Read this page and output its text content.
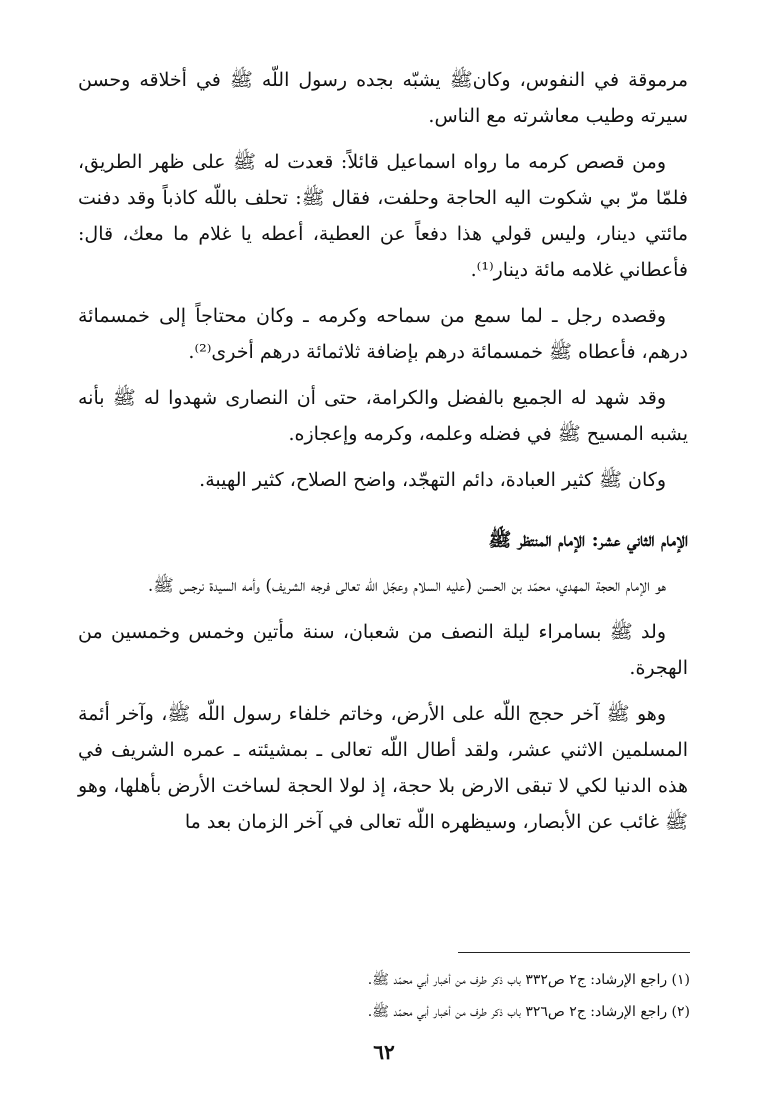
مرموقة في النفوس، وكانﷺ يشبّه بجده رسول اللّه ﷺ في أخلاقه وحسن سيرته وطيب معاشرته مع الناس.

ومن قصص كرمه ما رواه اسماعيل قائلاً: قعدت له ﷺ على ظهر الطريق، فلمّا مرّ بي شكوت اليه الحاجة وحلفت، فقال ﷺ: تحلف باللّه كاذباً وقد دفنت مائتي دينار، وليس قولي هذا دفعاً عن العطية، أعطه يا غلام ما معك، قال: فأعطاني غلامه مائة دينار⁽¹⁾.

وقصده رجل ـ لما سمع من سماحه وكرمه ـ وكان محتاجاً إلى خمسمائة درهم، فأعطاه ﷺ خمسمائة درهم بإضافة ثلاثمائة درهم أخرى⁽²⁾.

وقد شهد له الجميع بالفضل والكرامة، حتى أن النصارى شهدوا له ﷺ بأنه يشبه المسيح ﷺ في فضله وعلمه، وكرمه وإعجازه.

وكان ﷺ كثير العبادة، دائم التهجّد، واضح الصلاح، كثير الهيبة.

الإمام الثاني عشر: الإمام المنتظر ﷺ

هو الإمام الحجة المهدي، محمّد بن الحسن (عليه السلام وعجّل اللّه تعالى فرجه الشريف) وأمه السيدة نرجس ﷺ.

ولد ﷺ بسامراء ليلة النصف من شعبان، سنة مأتين وخمس وخمسين من الهجرة.

وهو ﷺ آخر حجج اللّه على الأرض، وخاتم خلفاء رسول اللّه ﷺ، وآخر أئمة المسلمين الاثني عشر، ولقد أطال اللّه تعالى ـ بمشيئته ـ عمره الشريف في هذه الدنيا لكي لا تبقى الارض بلا حجة، إذ لولا الحجة لساخت الأرض بأهلها، وهو ﷺ غائب عن الأبصار، وسيظهره اللّه تعالى في آخر الزمان بعد ما

(١) راجع الإرشاد: ج٢ ص٣٣٢ باب ذكر طرف من أخبار أبي محمّد ﷺ.

(٢) راجع الإرشاد: ج٢ ص٣٢٦ باب ذكر طرف من أخبار أبي محمّد ﷺ.

٦٢
